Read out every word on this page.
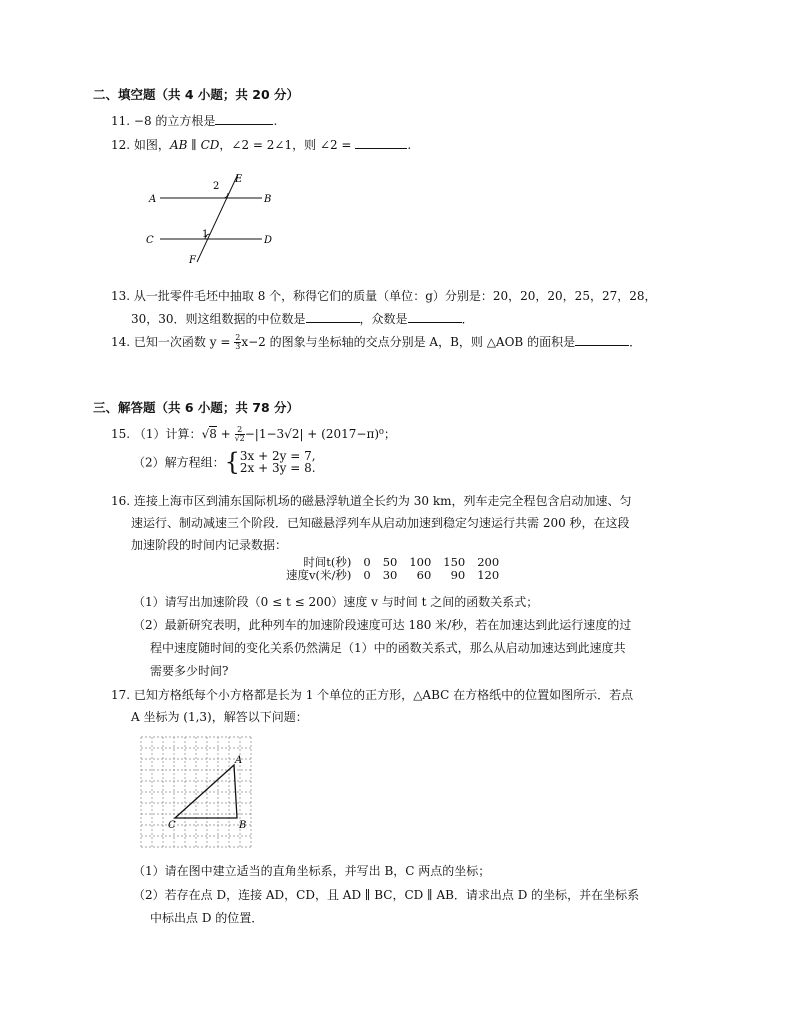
二、填空题（共 4 小题；共 20 分）
11. −8 的立方根是	.
12. 如图，AB ∥ CD，∠2 = 2∠1，则 ∠2 =	.
A	B
C	D
E
F
2
1
13. 从一批零件毛坯中抽取 8 个，称得它们的质量（单位：g）分别是：20，20，20，25，27，28，
30，30．则这组数据的中位数是	，众数是	．
14. 已知一次函数 $y = \frac{2}{3} x-2$ 的图象与坐标轴的交点分别是 A，B，则 △AOB 的面积是	．
三、解答题（共 6 小题；共 78 分）
15. （1）计算：$√8 + \frac{2}{√2} -|1-3√2| + (2017-\pi)^0$；
（2）解方程组：{ 3x + 2y = 7,
2x + 3y = 8.
16. 连接上海市区到浦东国际机场的磁悬浮轨道全长约为 30 km，列车走完全程包含启动加速、匀
速运行、制动减速三个阶段．已知磁悬浮列车从启动加速到稳定匀速运行共需 200 秒，在这段
加速阶段的时间内记录数据：
时间t(秒)	0	50	100	150	200
速度v(米/秒)	0	30	60	90	120
（1）请写出加速阶段（0 ≤ t ≤ 200）速度 v 与时间 t 之间的函数关系式；
（2）最新研究表明，此种列车的加速阶段速度可达 180 米/秒，若在加速达到此运行速度的过
程中速度随时间的变化关系仍然满足（1）中的函数关系式，那么从启动加速达到此速度共
需要多少时间?
17. 已知方格纸每个小方格都是长为 1 个单位的正方形，△ABC 在方格纸中的位置如图所示．若点
A 坐标为 (1,3)，解答以下问题：
A
B
C
（1）请在图中建立适当的直角坐标系，并写出 B，C 两点的坐标；
（2）若存在点 D，连接 AD，CD，且 AD ∥ BC，CD ∥ AB．请求出点 D 的坐标，并在坐标系
中标出点 D 的位置．
